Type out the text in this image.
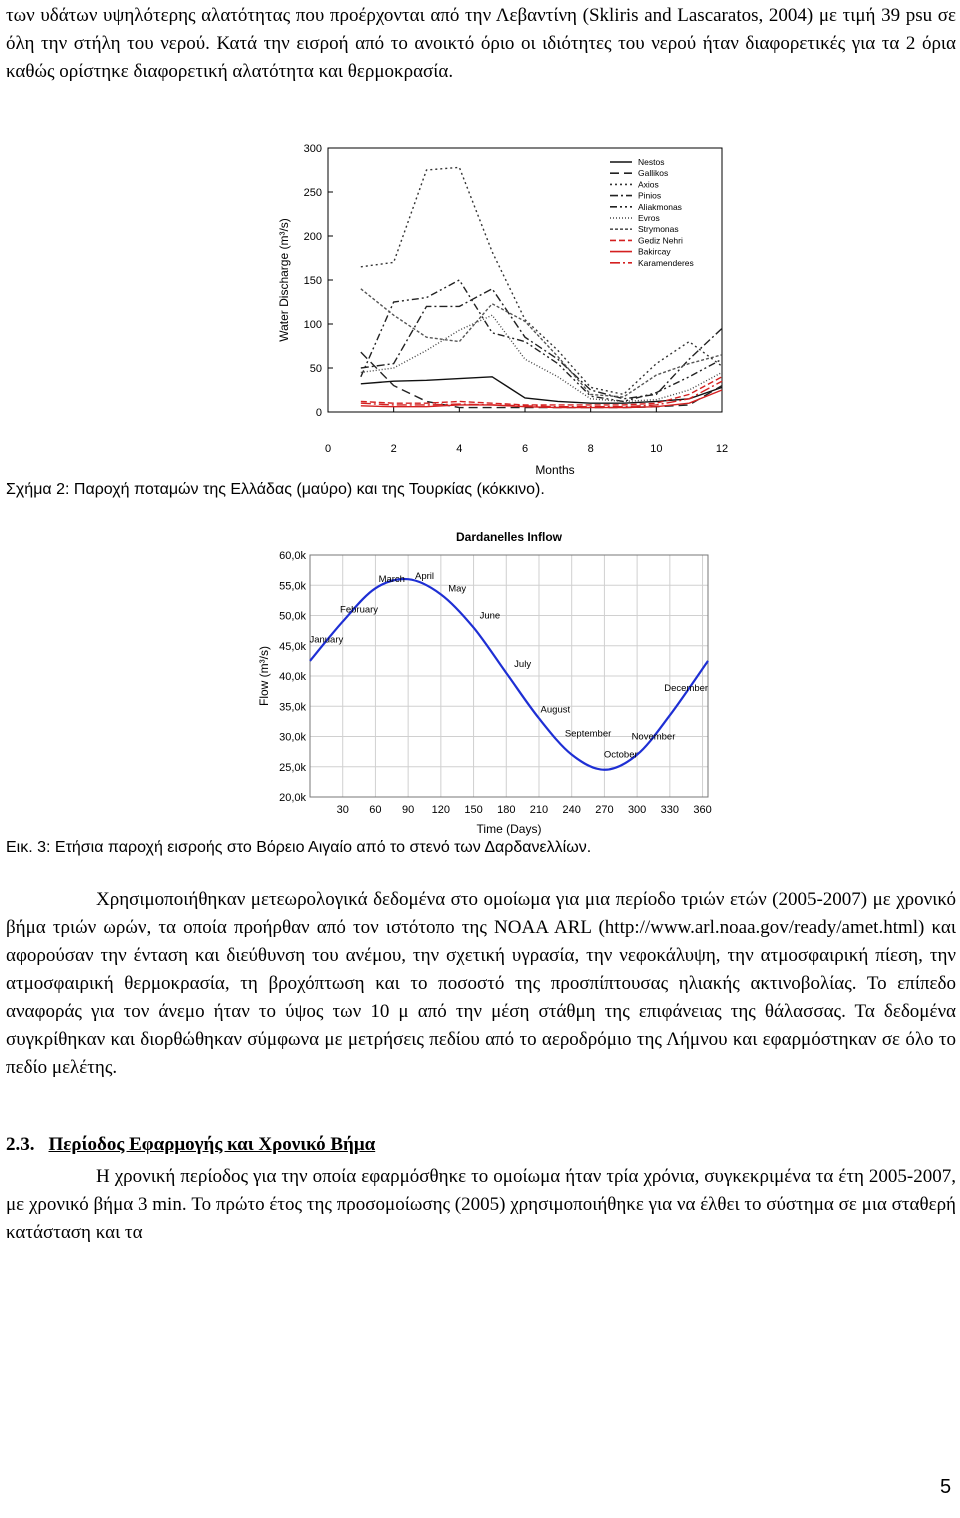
των υδάτων υψηλότερης αλατότητας που προέρχονται από την Λεβαντίνη (Skliris and Lascaratos, 2004) με τιμή 39 psu σε όλη την στήλη του νερού. Κατά την εισροή από το ανοικτό όριο οι ιδιότητες του νερού ήταν διαφορετικές για τα 2 όρια καθώς ορίστηκε διαφορετική αλατότητα και θερμοκρασία.

0
50
100
150
200
250
300
0	2	4	6	8	10	12
Months
Water Discharge (m³/s)
Nestos
Gallikos
Axios
Pinios
Aliakmonas
Evros
Strymonas
Gediz Nehri
Bakircay
Karamenderes

Σχήμα 2: Παροχή ποταμών της Ελλάδας (μαύρο) και της Τουρκίας (κόκκινο).

Dardanelles Inflow
20,0k
25,0k
30,0k
35,0k
40,0k
45,0k
50,0k
55,0k
60,0k
30 60 90 120 150 180 210 240 270 300 330 360
Time (Days)
Flow (m³/s)
January
February
March April
May
June
July
August
September
October
November
December

Εικ. 3: Ετήσια παροχή εισροής στο Βόρειο Αιγαίο από το στενό των Δαρδανελλίων.

Χρησιμοποιήθηκαν μετεωρολογικά δεδομένα στο ομοίωμα για μια περίοδο τριών ετών (2005-2007) με χρονικό βήμα τριών ωρών, τα οποία προήρθαν από τον ιστότοπο της NOAA ARL (http://www.arl.noaa.gov/ready/amet.html) και αφορούσαν την ένταση και διεύθυνση του ανέμου, την σχετική υγρασία, την νεφοκάλυψη, την ατμοσφαιρική πίεση, την ατμοσφαιρική θερμοκρασία, τη βροχόπτωση και το ποσοστό της προσπίπτουσας ηλιακής ακτινοβολίας. Το επίπεδο αναφοράς για τον άνεμο ήταν το ύψος των 10 μ από την μέση στάθμη της επιφάνειας της θάλασσας. Τα δεδομένα συγκρίθηκαν και διορθώθηκαν σύμφωνα με μετρήσεις πεδίου από το αεροδρόμιο της Λήμνου και εφαρμόστηκαν σε όλο το πεδίο μελέτης.

2.3. Περίοδος Εφαρμογής και Χρονικό Βήμα

Η χρονική περίοδος για την οποία εφαρμόσθηκε το ομοίωμα ήταν τρία χρόνια, συγκεκριμένα τα έτη 2005-2007, με χρονικό βήμα 3 min. Το πρώτο έτος της προσομοίωσης (2005) χρησιμοποιήθηκε για να έλθει το σύστημα σε μια σταθερή κατάσταση και τα

5
